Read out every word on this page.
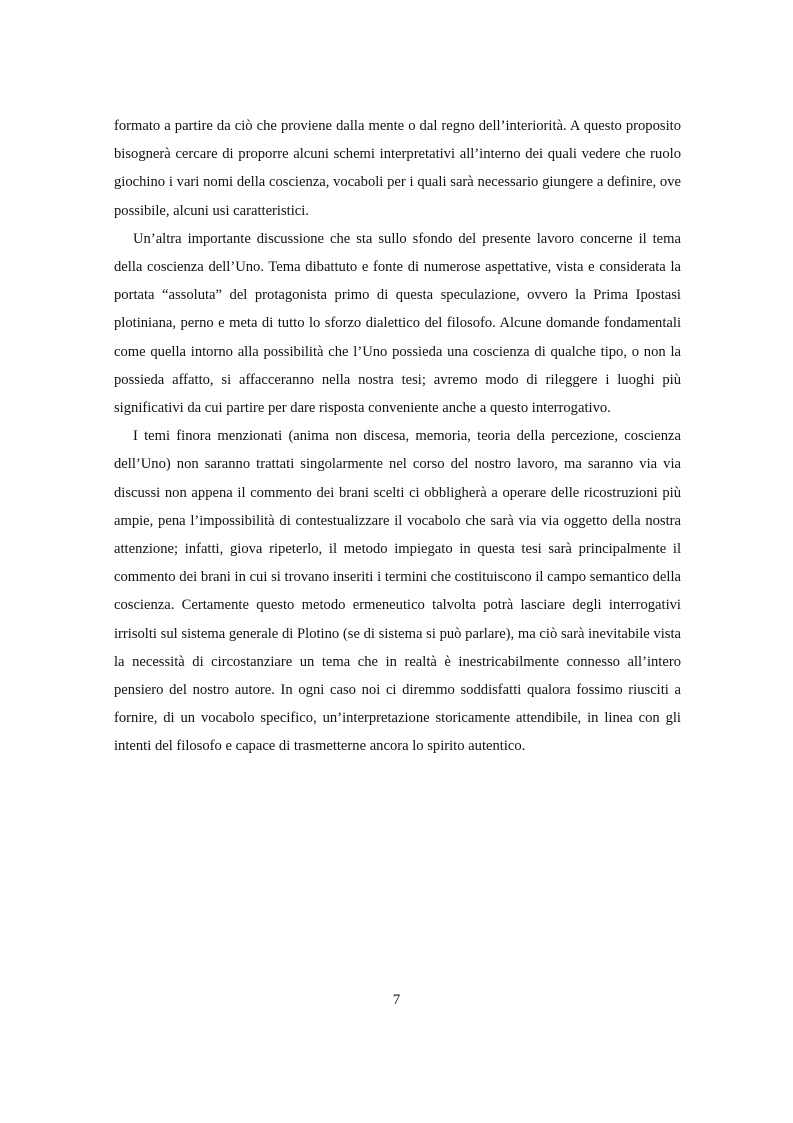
formato a partire da ciò che proviene dalla mente o dal regno dell’interiorità. A questo proposito bisognerà cercare di proporre alcuni schemi interpretativi all’interno dei quali vedere che ruolo giochino i vari nomi della coscienza, vocaboli per i quali sarà necessario giungere a definire, ove possibile, alcuni usi caratteristici.

Un’altra importante discussione che sta sullo sfondo del presente lavoro concerne il tema della coscienza dell’Uno. Tema dibattuto e fonte di numerose aspettative, vista e considerata la portata “assoluta” del protagonista primo di questa speculazione, ovvero la Prima Ipostasi plotiniana, perno e meta di tutto lo sforzo dialettico del filosofo. Alcune domande fondamentali come quella intorno alla possibilità che l’Uno possieda una coscienza di qualche tipo, o non la possieda affatto, si affacceranno nella nostra tesi; avremo modo di rileggere i luoghi più significativi da cui partire per dare risposta conveniente anche a questo interrogativo.

I temi finora menzionati (anima non discesa, memoria, teoria della percezione, coscienza dell’Uno) non saranno trattati singolarmente nel corso del nostro lavoro, ma saranno via via discussi non appena il commento dei brani scelti ci obbligherà a operare delle ricostruzioni più ampie, pena l’impossibilità di contestualizzare il vocabolo che sarà via via oggetto della nostra attenzione; infatti, giova ripeterlo, il metodo impiegato in questa tesi sarà principalmente il commento dei brani in cui si trovano inseriti i termini che costituiscono il campo semantico della coscienza. Certamente questo metodo ermeneutico talvolta potrà lasciare degli interrogativi irrisolti sul sistema generale di Plotino (se di sistema si può parlare), ma ciò sarà inevitabile vista la necessità di circostanziare un tema che in realtà è inestricabilmente connesso all’intero pensiero del nostro autore. In ogni caso noi ci diremmo soddisfatti qualora fossimo riusciti a fornire, di un vocabolo specifico, un’interpretazione storicamente attendibile, in linea con gli intenti del filosofo e capace di trasmetterne ancora lo spirito autentico.

7
